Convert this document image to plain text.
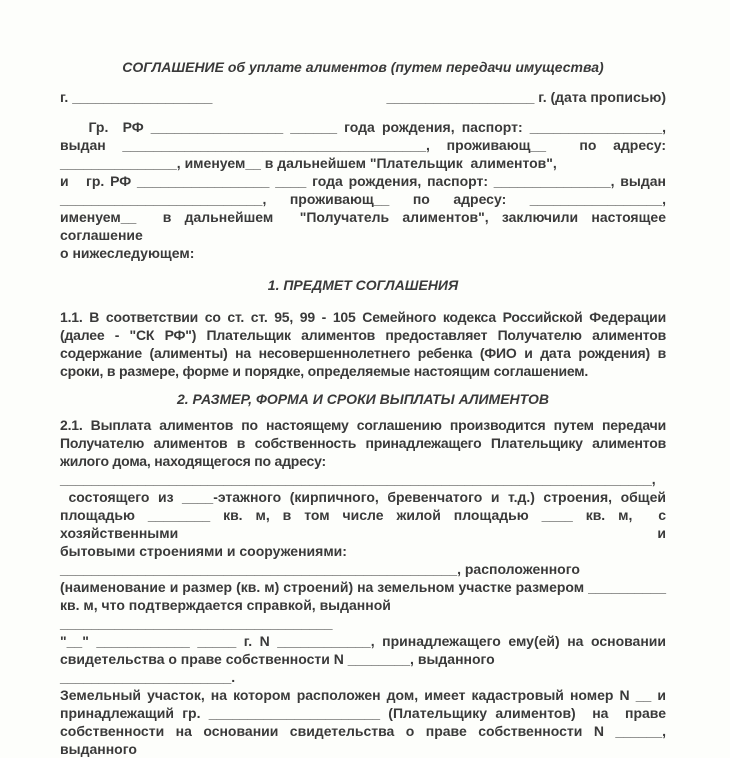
СОГЛАШЕНИЕ об уплате алиментов (путем передачи имущества)
г. __________________	___________________ г. (дата прописью)
Гр.  РФ _________________ ______ года рождения, паспорт: _________________,
выдан _______________________________________, проживающ__  по адресу:
_______________, именуем__ в дальнейшем "Плательщик  алиментов",
и   гр. РФ _________________ ____ года рождения, паспорт: _______________, выдан
__________________________, проживающ__ по адресу: _________________,
именуем__  в дальнейшем  "Получатель алиментов", заключили настоящее соглашение
о нижеследующем:
1. ПРЕДМЕТ СОГЛАШЕНИЯ

1.1. В соответствии со ст. ст. 95, 99 - 105 Семейного кодекса Российской Федерации (далее - "СК РФ") Плательщик алиментов предоставляет Получателю алиментов содержание (алименты) на несовершеннолетнего ребенка (ФИО и дата рождения) в сроки, в размере, форме и порядке, определяемые настоящим соглашением.

2. РАЗМЕР, ФОРМА И СРОКИ ВЫПЛАТЫ АЛИМЕНТОВ

2.1. Выплата алиментов по настоящему соглашению производится путем передачи Получателю алиментов в собственность принадлежащего Плательщику алиментов жилого дома, находящегося по адресу:

____________________________________________________________________________,
состоящего из ____-этажного (кирпичного, бревенчатого и т.д.) строения, общей
площадью ________ кв. м, в том числе жилой площадью ____ кв. м,  с хозяйственными и
бытовыми строениями и сооружениями:
___________________________________________________, расположенного
(наименование и размер (кв. м) строений) на земельном участке размером __________
кв. м, что подтверждается справкой, выданной ___________________________________
"__" ____________ _____ г. N ____________, принадлежащего ему(ей) на основании
свидетельства о праве собственности N ________, выданного ______________________.
Земельный участок, на котором расположен дом, имеет кадастровый номер N __ и
принадлежащий гр. ______________________ (Плательщику алиментов)  на  праве
собственности на основании свидетельства о праве собственности N ______, выданного
